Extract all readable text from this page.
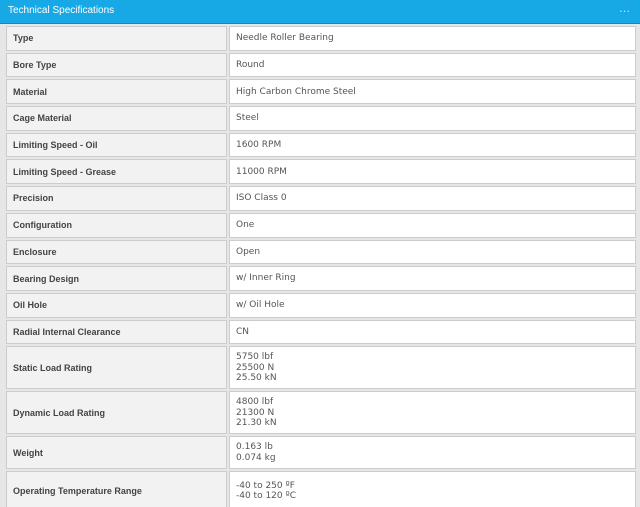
Technical Specifications	…
Type	Needle Roller Bearing

Bore Type	Round

Material	High Carbon Chrome Steel

Cage Material	Steel

Limiting Speed - Oil	1600 RPM

Limiting Speed - Grease	11000 RPM

Precision	ISO Class 0

Configuration	One

Enclosure	Open

Bearing Design	w/ Inner Ring

Oil Hole	w/ Oil Hole

Radial Internal Clearance	CN

Static Load Rating	5750 lbf
25500 N
25.50 kN

Dynamic Load Rating	4800 lbf
21300 N
21.30 kN

Weight	0.163 lb
0.074 kg

Operating Temperature Range	-40 to 250 ºF
-40 to 120 ºC
